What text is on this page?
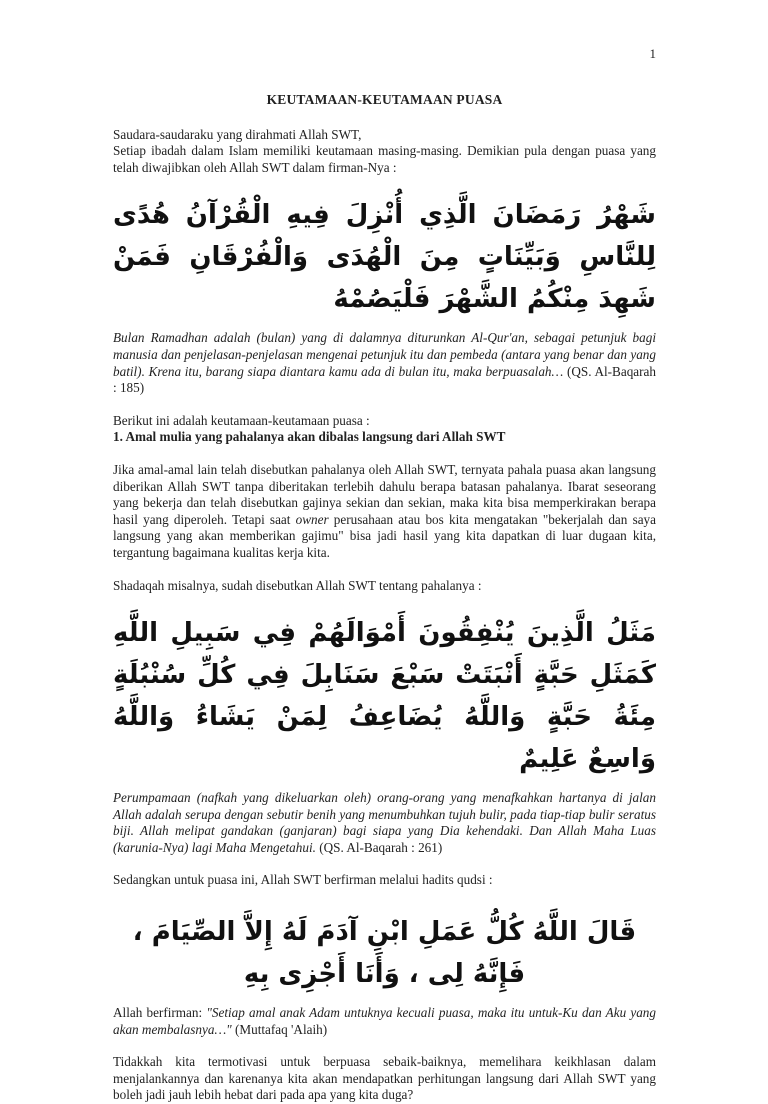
1

KEUTAMAAN-KEUTAMAAN PUASA

Saudara-saudaraku yang dirahmati Allah SWT,

Setiap ibadah dalam Islam memiliki keutamaan masing-masing. Demikian pula dengan puasa yang telah diwajibkan oleh Allah SWT dalam firman-Nya :

شَهْرُ رَمَضَانَ الَّذِي أُنْزِلَ فِيهِ الْقُرْآنُ هُدًى لِلنَّاسِ وَبَيِّنَاتٍ مِنَ الْهُدَى وَالْفُرْقَانِ فَمَنْ شَهِدَ مِنْكُمُ الشَّهْرَ فَلْيَصُمْهُ

Bulan Ramadhan adalah (bulan) yang di dalamnya diturunkan Al-Qur'an, sebagai petunjuk bagi manusia dan penjelasan-penjelasan mengenai petunjuk itu dan pembeda (antara yang benar dan yang batil). Krena itu, barang siapa diantara kamu ada di bulan itu, maka berpuasalah… (QS. Al-Baqarah : 185)

Berikut ini adalah keutamaan-keutamaan puasa :

1. Amal mulia yang pahalanya akan dibalas langsung dari Allah SWT

Jika amal-amal lain telah disebutkan pahalanya oleh Allah SWT, ternyata pahala puasa akan langsung diberikan Allah SWT tanpa diberitakan terlebih dahulu berapa batasan pahalanya. Ibarat seseorang yang bekerja dan telah disebutkan gajinya sekian dan sekian, maka kita bisa memperkirakan berapa hasil yang diperoleh. Tetapi saat owner perusahaan atau bos kita mengatakan "bekerjalah dan saya langsung yang akan memberikan gajimu" bisa jadi hasil yang kita dapatkan di luar dugaan kita, tergantung bagaimana kualitas kerja kita.

Shadaqah misalnya, sudah disebutkan Allah SWT tentang pahalanya :

مَثَلُ الَّذِينَ يُنْفِقُونَ أَمْوَالَهُمْ فِي سَبِيلِ اللَّهِ كَمَثَلِ حَبَّةٍ أَنْبَتَتْ سَبْعَ سَنَابِلَ فِي كُلِّ سُنْبُلَةٍ مِئَةُ حَبَّةٍ وَاللَّهُ يُضَاعِفُ لِمَنْ يَشَاءُ وَاللَّهُ وَاسِعٌ عَلِيمٌ

Perumpamaan (nafkah yang dikeluarkan oleh) orang-orang yang menafkahkan hartanya di jalan Allah adalah serupa dengan sebutir benih yang menumbuhkan tujuh bulir, pada tiap-tiap bulir seratus biji. Allah melipat gandakan (ganjaran) bagi siapa yang Dia kehendaki. Dan Allah Maha Luas (karunia-Nya) lagi Maha Mengetahui. (QS. Al-Baqarah : 261)

Sedangkan untuk puasa ini, Allah SWT berfirman melalui hadits qudsi :

قَالَ اللَّهُ كُلُّ عَمَلِ ابْنِ آدَمَ لَهُ إِلاَّ الصِّيَامَ ، فَإِنَّهُ لِى ، وَأَنَا أَجْزِى بِهِ

Allah berfirman: "Setiap amal anak Adam untuknya kecuali puasa, maka itu untuk-Ku dan Aku yang akan membalasnya…" (Muttafaq 'Alaih)

Tidakkah kita termotivasi untuk berpuasa sebaik-baiknya, memelihara keikhlasan dalam menjalankannya dan karenanya kita akan mendapatkan perhitungan langsung dari Allah SWT yang boleh jadi jauh lebih hebat dari pada apa yang kita duga?
